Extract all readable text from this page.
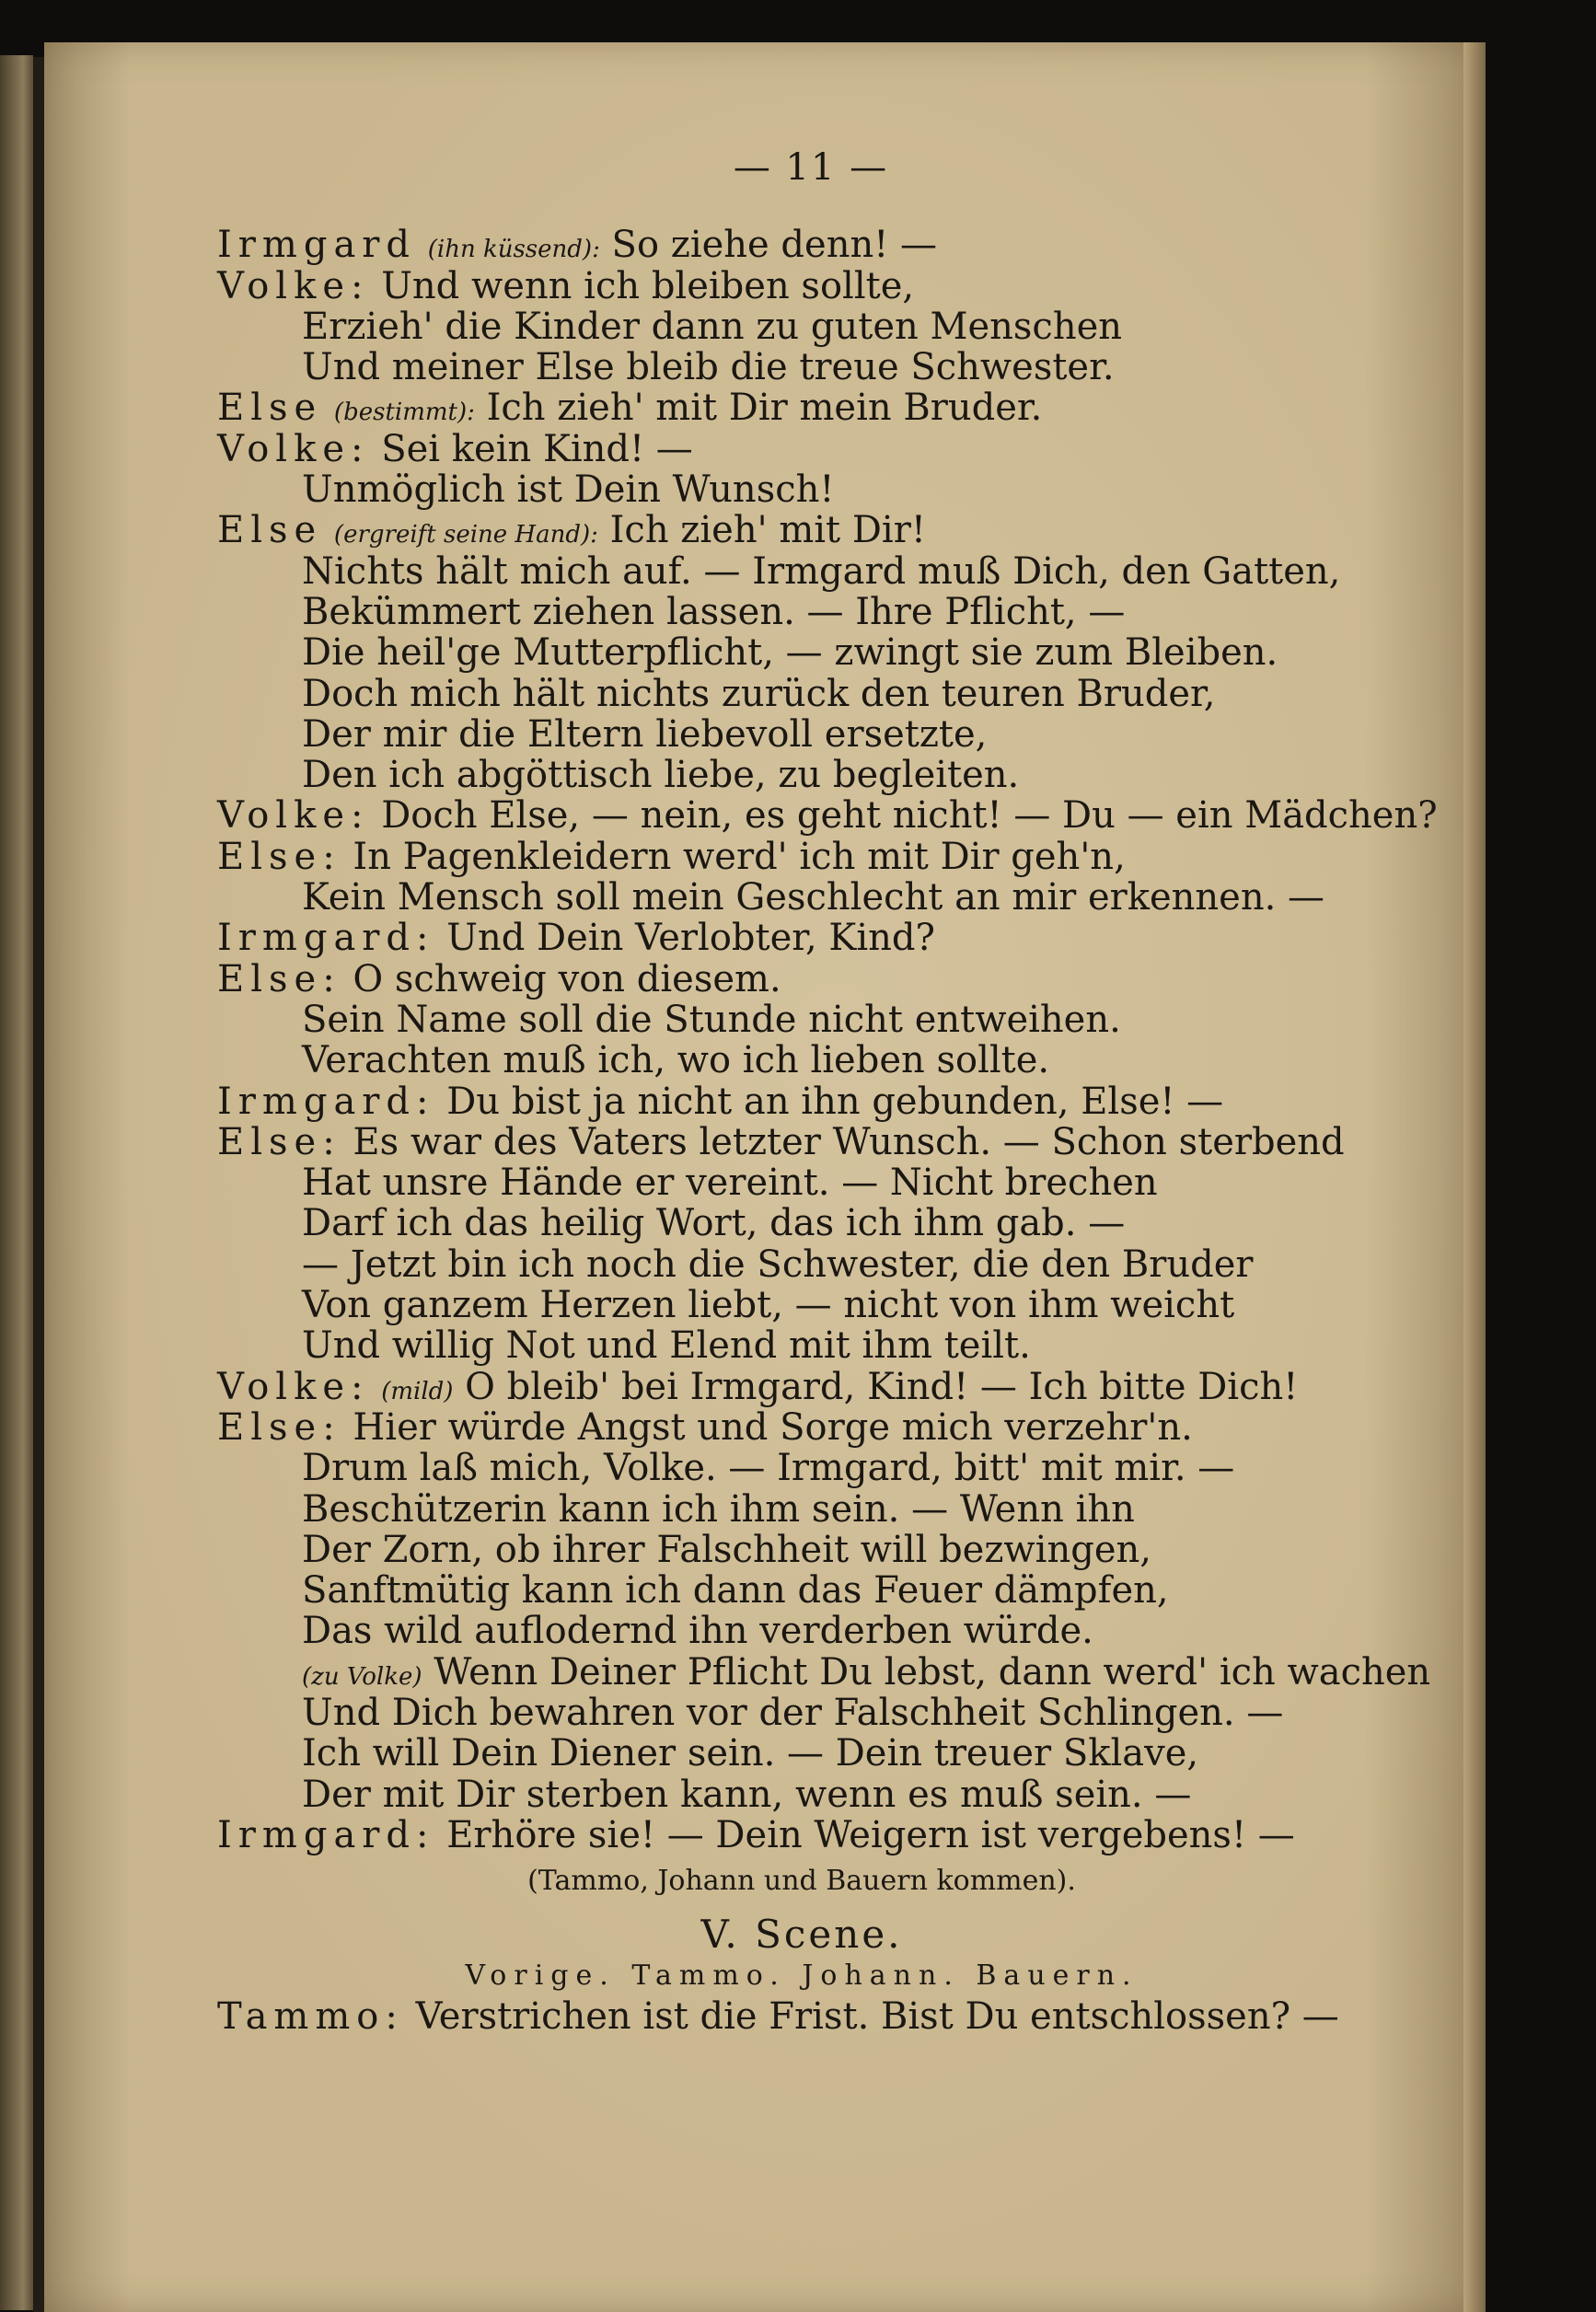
— 11 —
Irmgard (ihn küssend): So ziehe denn! —
Volke: Und wenn ich bleiben sollte,
Erzieh' die Kinder dann zu guten Menschen
Und meiner Else bleib die treue Schwester.
Else (bestimmt): Ich zieh' mit Dir mein Bruder.
Volke: Sei kein Kind! —
Unmöglich ist Dein Wunsch!
Else (ergreift seine Hand): Ich zieh' mit Dir!
Nichts hält mich auf. — Irmgard muß Dich, den Gatten,
Bekümmert ziehen lassen. — Ihre Pflicht, —
Die heil'ge Mutterpflicht, — zwingt sie zum Bleiben.
Doch mich hält nichts zurück den teuren Bruder,
Der mir die Eltern liebevoll ersetzte,
Den ich abgöttisch liebe, zu begleiten.
Volke: Doch Else, — nein, es geht nicht! — Du — ein Mädchen?
Else: In Pagenkleidern werd' ich mit Dir geh'n,
Kein Mensch soll mein Geschlecht an mir erkennen. —
Irmgard: Und Dein Verlobter, Kind?
Else: O schweig von diesem.
Sein Name soll die Stunde nicht entweihen.
Verachten muß ich, wo ich lieben sollte.
Irmgard: Du bist ja nicht an ihn gebunden, Else! —
Else: Es war des Vaters letzter Wunsch. — Schon sterbend
Hat unsre Hände er vereint. — Nicht brechen
Darf ich das heilig Wort, das ich ihm gab. —
— Jetzt bin ich noch die Schwester, die den Bruder
Von ganzem Herzen liebt, — nicht von ihm weicht
Und willig Not und Elend mit ihm teilt.
Volke: (mild) O bleib' bei Irmgard, Kind! — Ich bitte Dich!
Else: Hier würde Angst und Sorge mich verzehr'n.
Drum laß mich, Volke. — Irmgard, bitt' mit mir. —
Beschützerin kann ich ihm sein. — Wenn ihn
Der Zorn, ob ihrer Falschheit will bezwingen,
Sanftmütig kann ich dann das Feuer dämpfen,
Das wild auflodernd ihn verderben würde.
(zu Volke) Wenn Deiner Pflicht Du lebst, dann werd' ich wachen
Und Dich bewahren vor der Falschheit Schlingen. —
Ich will Dein Diener sein. — Dein treuer Sklave,
Der mit Dir sterben kann, wenn es muß sein. —
Irmgard: Erhöre sie! — Dein Weigern ist vergebens! —
(Tammo, Johann und Bauern kommen).
V. Scene.
Vorige. Tammo. Johann. Bauern.
Tammo: Verstrichen ist die Frist. Bist Du entschlossen? —
